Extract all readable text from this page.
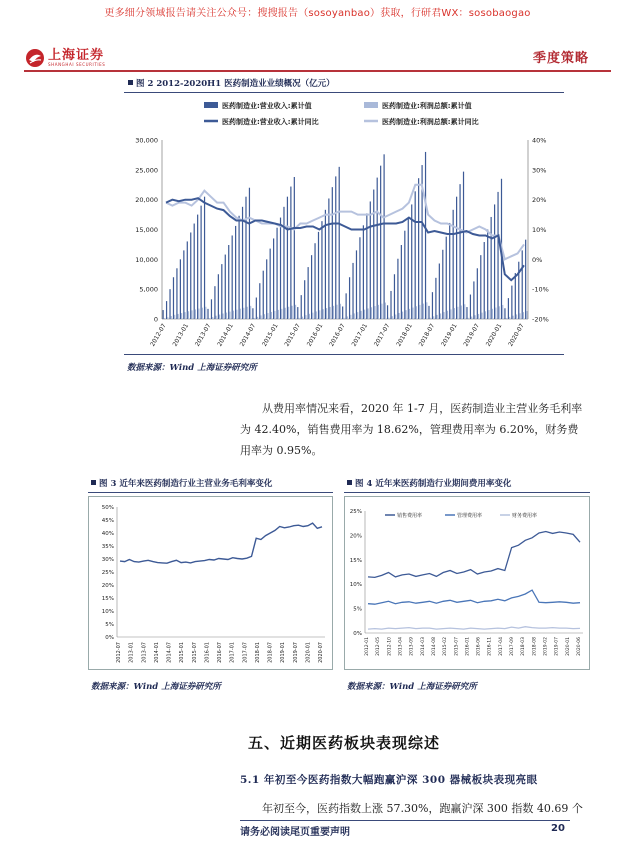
更多细分领域报告请关注公众号：搜搜报告（sosoyanbao）获取，行研君WX：sosobaogao
上海证券
SHANGHAI SECURITIES	季度策略
图 2 2012-2020H1 医药制造业业绩概况（亿元）
医药制造业:营业收入:累计值	医药制造业:利润总额:累计值
医药制造业:营业收入:累计同比	医药制造业:利润总额:累计同比
0
5,000
10,000
15,000
20,000
25,000
30,000
-20%
-10%
0%
10%
20%
30%
40%
2012-07 2013-01 2013-07 2014-01 2014-07 2015-01 2015-07 2016-01 2016-07 2017-01 2017-07 2018-01 2018-07 2019-01 2019-07 2020-01 2020-07
数据来源：Wind 上海证券研究所
从费用率情况来看，2020 年 1-7 月，医药制造业主营业务毛利率为 42.40%，销售费用率为 18.62%，管理费用率为 6.20%，财务费用率为 0.95%。
图 3 近年来医药制造行业主营业务毛利率变化
0%
5%
10%
15%
20%
25%
30%
35%
40%
45%
50%
2012-07 2013-01 2013-07 2014-01 2014-07 2015-01 2015-07 2016-01 2016-07 2017-01 2017-07 2018-01 2018-07 2019-01 2019-07 2020-01 2020-07
数据来源：Wind 上海证券研究所
图 4 近年来医药制造行业期间费用率变化
销售费用率	管理费用率	财务费用率
0%
5%
10%
15%
20%
25%
2012-01 2012-05 2012-10 2013-04 2013-09 2014-03 2014-08 2015-02 2015-07 2016-01 2016-06 2016-11 2017-04 2017-09 2018-03 2018-08 2019-02 2019-07 2020-01 2020-06
数据来源：Wind 上海证券研究所
五、近期医药板块表现综述
5.1 年初至今医药指数大幅跑赢沪深 300 器械板块表现亮眼
年初至今，医药指数上涨 57.30%，跑赢沪深 300 指数 40.69 个
请务必阅读尾页重要声明	20
